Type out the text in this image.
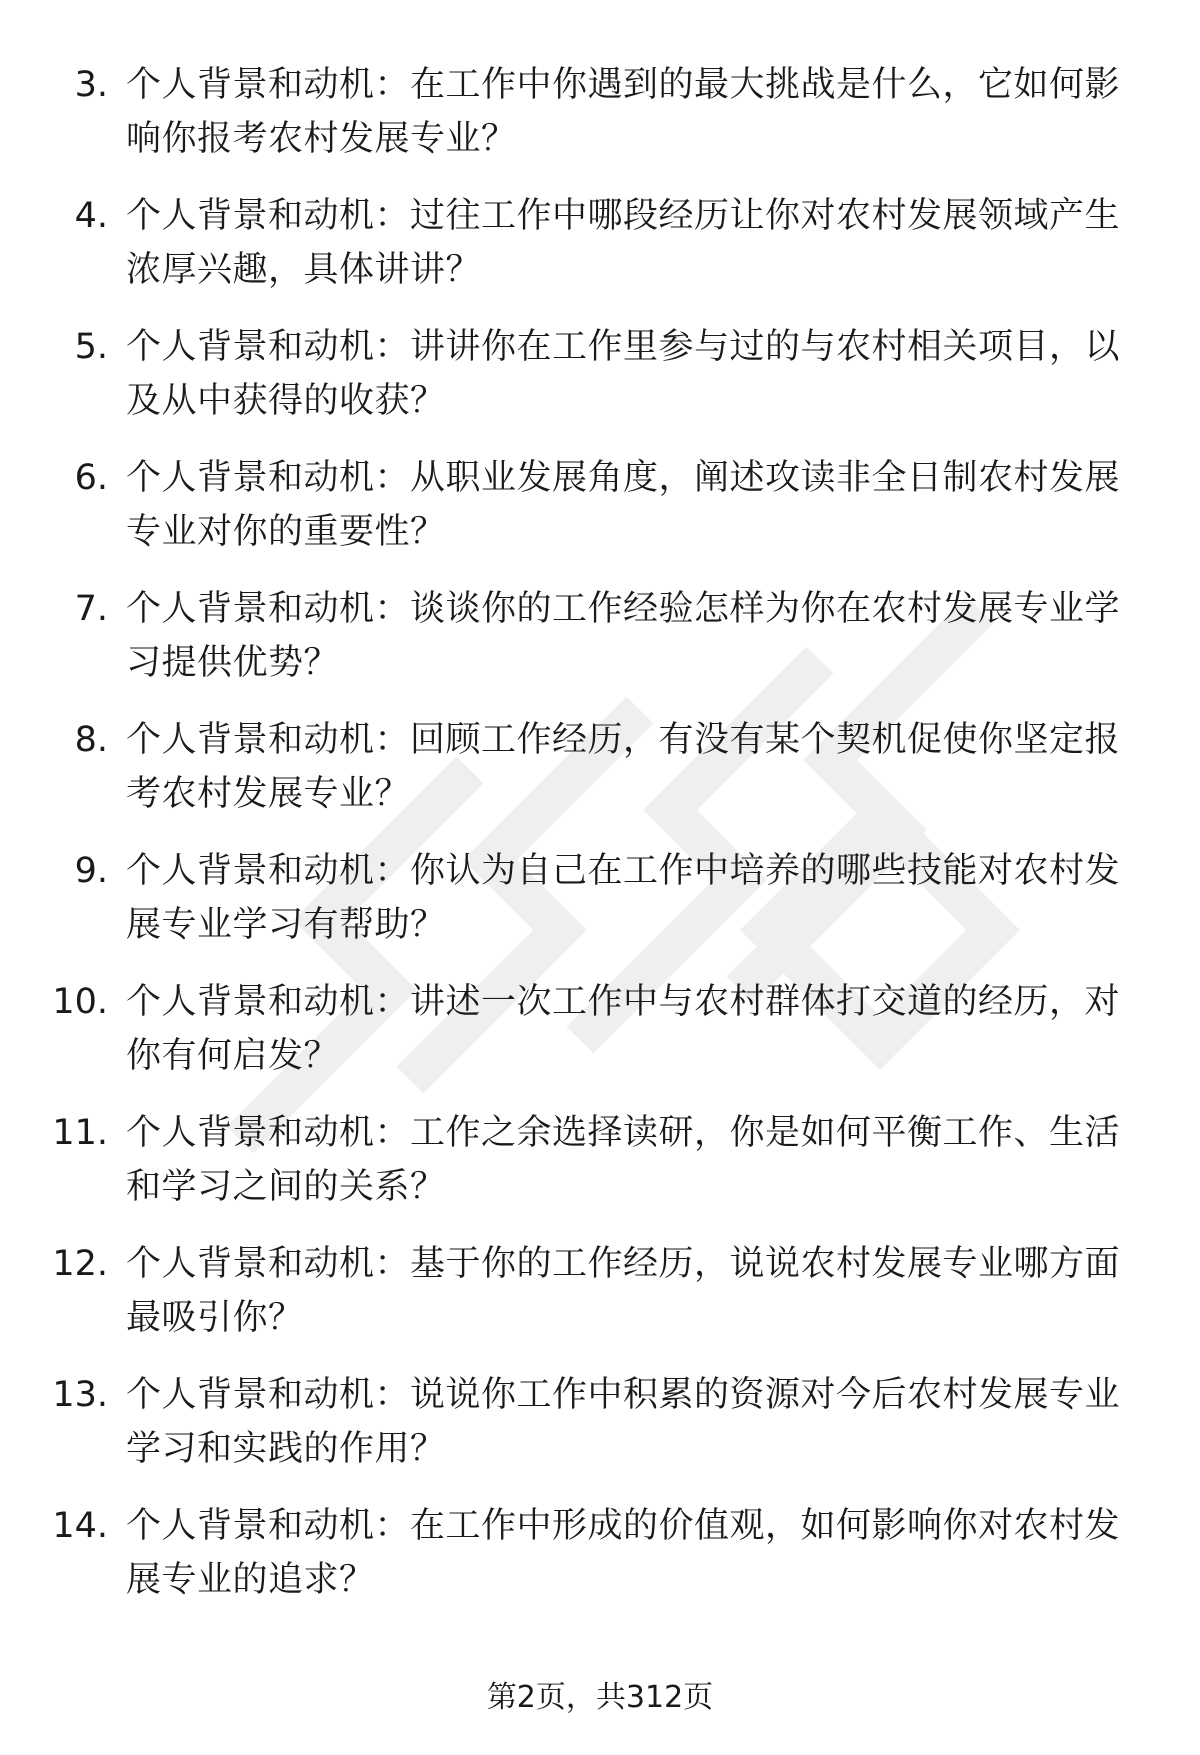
3. 个人背景和动机：在工作中你遇到的最大挑战是什么，它如何影响你报考农村发展专业？
4. 个人背景和动机：过往工作中哪段经历让你对农村发展领域产生浓厚兴趣，具体讲讲？
5. 个人背景和动机：讲讲你在工作里参与过的与农村相关项目，以及从中获得的收获？
6. 个人背景和动机：从职业发展角度，阐述攻读非全日制农村发展专业对你的重要性？
7. 个人背景和动机：谈谈你的工作经验怎样为你在农村发展专业学习提供优势？
8. 个人背景和动机：回顾工作经历，有没有某个契机促使你坚定报考农村发展专业？
9. 个人背景和动机：你认为自己在工作中培养的哪些技能对农村发展专业学习有帮助？
10. 个人背景和动机：讲述一次工作中与农村群体打交道的经历，对你有何启发？
11. 个人背景和动机：工作之余选择读研，你是如何平衡工作、生活和学习之间的关系？
12. 个人背景和动机：基于你的工作经历，说说农村发展专业哪方面最吸引你？
13. 个人背景和动机：说说你工作中积累的资源对今后农村发展专业学习和实践的作用？
14. 个人背景和动机：在工作中形成的价值观，如何影响你对农村发展专业的追求？
第2页，共312页
